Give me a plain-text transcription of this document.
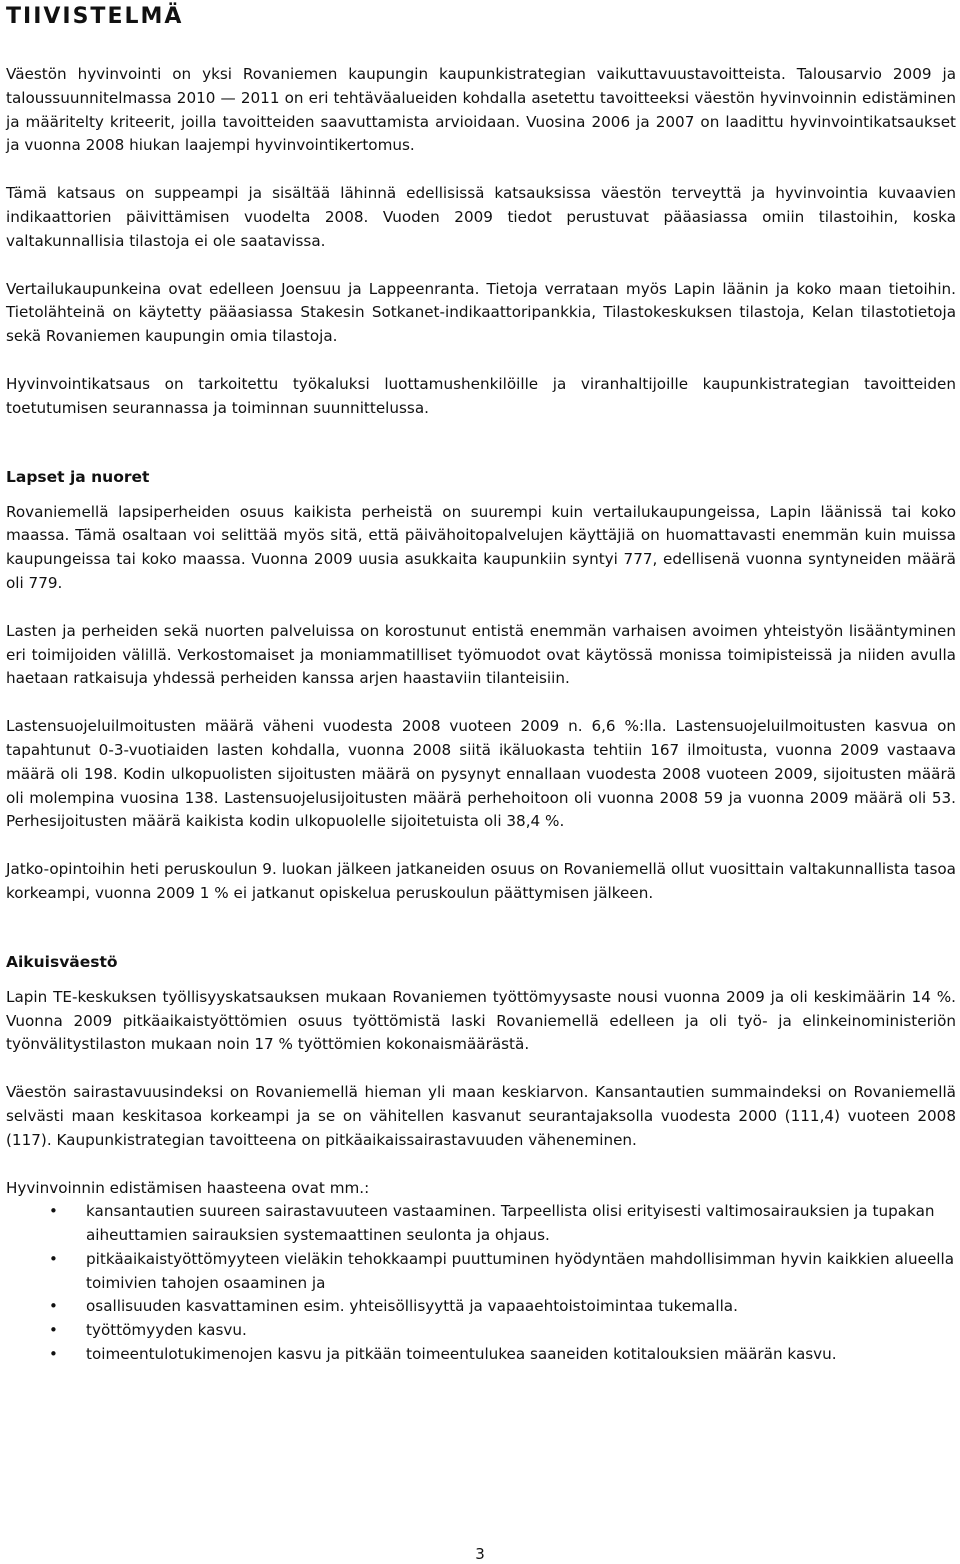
TIIVISTELMÄ

Väestön hyvinvointi on yksi Rovaniemen kaupungin kaupunkistrategian vaikuttavuustavoitteista. Talousarvio 2009 ja taloussuunnitelmassa 2010 — 2011 on eri tehtäväalueiden kohdalla asetettu tavoitteeksi väestön hyvinvoinnin edistäminen ja määritelty kriteerit, joilla tavoitteiden saavuttamista arvioidaan. Vuosina 2006 ja 2007 on laadittu hyvinvointikatsaukset ja vuonna 2008 hiukan laajempi hyvinvointikertomus.

Tämä katsaus on suppeampi ja sisältää lähinnä edellisissä katsauksissa väestön terveyttä ja hyvinvointia kuvaavien indikaattorien päivittämisen vuodelta 2008. Vuoden 2009 tiedot perustuvat pääasiassa omiin tilastoihin, koska valtakunnallisia tilastoja ei ole saatavissa.

Vertailukaupunkeina ovat edelleen Joensuu ja Lappeenranta. Tietoja verrataan myös Lapin läänin ja koko maan tietoihin. Tietolähteinä on käytetty pääasiassa Stakesin Sotkanet-indikaattoripankkia, Tilastokeskuksen tilastoja, Kelan tilastotietoja sekä Rovaniemen kaupungin omia tilastoja.

Hyvinvointikatsaus on tarkoitettu työkaluksi luottamushenkilöille ja viranhaltijoille kaupunkistrategian tavoitteiden toetutumisen seurannassa ja toiminnan suunnittelussa.

Lapset ja nuoret

Rovaniemellä lapsiperheiden osuus kaikista perheistä on suurempi kuin vertailukaupungeissa, Lapin läänissä tai koko maassa. Tämä osaltaan voi selittää myös sitä, että päivähoitopalvelujen käyttäjiä on huomattavasti enemmän kuin muissa kaupungeissa tai koko maassa. Vuonna 2009 uusia asukkaita kaupunkiin syntyi 777, edellisenä vuonna syntyneiden määrä oli 779.

Lasten ja perheiden sekä nuorten palveluissa on korostunut entistä enemmän varhaisen avoimen yhteistyön lisääntyminen eri toimijoiden välillä. Verkostomaiset ja moniammatilliset työmuodot ovat käytössä monissa toimipisteissä ja niiden avulla haetaan ratkaisuja yhdessä perheiden kanssa arjen haastaviin tilanteisiin.

Lastensuojeluilmoitusten määrä väheni vuodesta 2008 vuoteen 2009 n. 6,6 %:lla. Lastensuojeluilmoitusten kasvua on tapahtunut 0-3-vuotiaiden lasten kohdalla, vuonna 2008 siitä ikäluokasta tehtiin 167 ilmoitusta, vuonna 2009 vastaava määrä oli 198. Kodin ulkopuolisten sijoitusten määrä on pysynyt ennallaan vuodesta 2008 vuoteen 2009, sijoitusten määrä oli molempina vuosina 138. Lastensuojelusijoitusten määrä perhehoitoon oli vuonna 2008 59 ja vuonna 2009 määrä oli 53. Perhesijoitusten määrä kaikista kodin ulkopuolelle sijoitetuista oli 38,4 %.

Jatko-opintoihin heti peruskoulun 9. luokan jälkeen jatkaneiden osuus on Rovaniemellä ollut vuosittain valtakunnallista tasoa korkeampi, vuonna 2009 1 % ei jatkanut opiskelua peruskoulun päättymisen jälkeen.

Aikuisväestö

Lapin TE-keskuksen työllisyyskatsauksen mukaan Rovaniemen työttömyysaste nousi vuonna 2009 ja oli keskimäärin 14 %. Vuonna 2009 pitkäaikaistyöttömien osuus työttömistä laski Rovaniemellä edelleen ja oli työ- ja elinkeinoministeriön työnvälitystilaston mukaan noin 17 % työttömien kokonaismäärästä.

Väestön sairastavuusindeksi on Rovaniemellä hieman yli maan keskiarvon. Kansantautien summaindeksi on Rovaniemellä selvästi maan keskitasoa korkeampi ja se on vähitellen kasvanut seurantajaksolla vuodesta 2000 (111,4) vuoteen 2008 (117). Kaupunkistrategian tavoitteena on pitkäaikaissairastavuuden väheneminen.

Hyvinvoinnin edistämisen haasteena ovat mm.:

• kansantautien suureen sairastavuuteen vastaaminen. Tarpeellista olisi erityisesti valtimosairauksien ja tupakan aiheuttamien sairauksien systemaattinen seulonta ja ohjaus.
• pitkäaikaistyöttömyyteen vieläkin tehokkaampi puuttuminen hyödyntäen mahdollisimman hyvin kaikkien alueella toimivien tahojen osaaminen ja
• osallisuuden kasvattaminen esim. yhteisöllisyyttä ja vapaaehtoistoimintaa tukemalla.
• työttömyyden kasvu.
• toimeentulotukimenojen kasvu ja pitkään toimeentulukea saaneiden kotitalouksien määrän kasvu.
3
